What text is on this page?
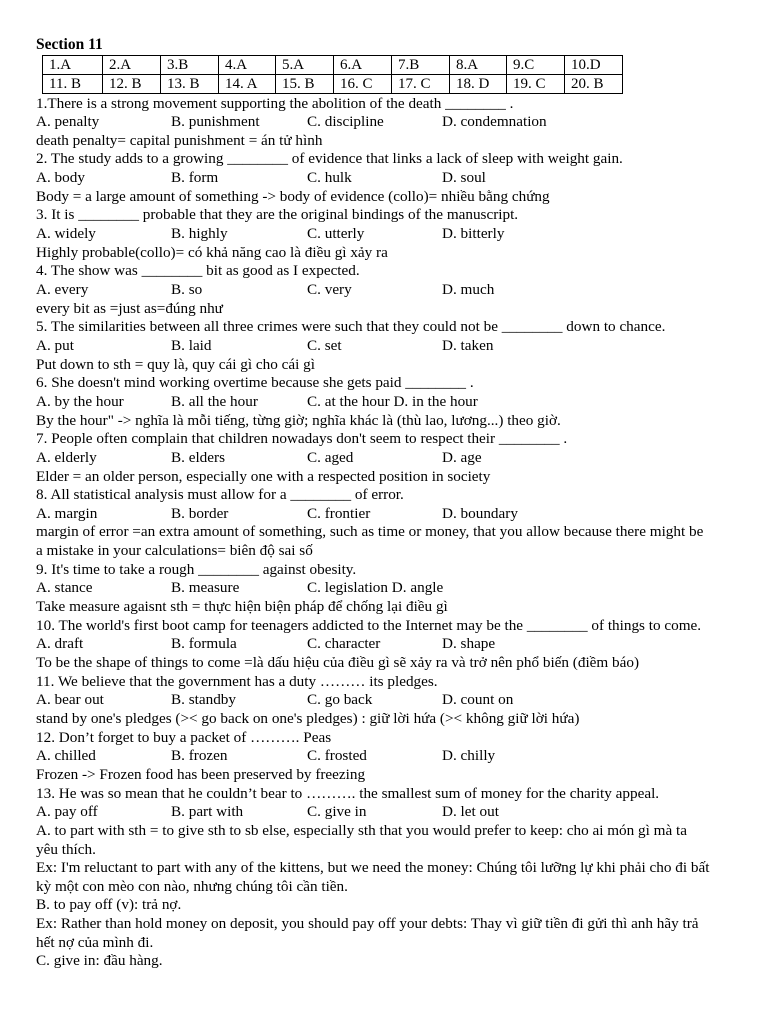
Section 11
1.A	2.A	3.B	4.A	5.A	6.A	7.B	8.A	9.C	10.D
11. B	12. B	13. B	14. A	15. B	16. C	17. C	18. D	19. C	20. B
1.There is a strong movement supporting the abolition of the death ________ .
A. penalty	B. punishment	C. discipline	D. condemnation
death penalty= capital punishment = án tử hình
2. The study adds to a growing ________ of evidence that links a lack of sleep with weight gain.
A. body	B. form	C. hulk	D. soul
Body = a large amount of something -> body of evidence (collo)= nhiều bằng chứng
3. It is ________ probable that they are the original bindings of the manuscript.
A. widely	B. highly	C. utterly	D. bitterly
Highly probable(collo)= có khả năng cao là điều gì xảy ra
4. The show was ________ bit as good as I expected.
A. every	B. so	C. very	D. much
every bit as =just as=đúng như
5. The similarities between all three crimes were such that they could not be ________ down to chance.
A. put	B. laid	C. set	D. taken
Put down to sth = quy là, quy cái gì cho cái gì
6. She doesn't mind working overtime because she gets paid ________ .
A. by the hour	B. all the hour	C. at the hour D. in the hour
By the hour" -> nghĩa là mỗi tiếng, từng giờ; nghĩa khác là (thù lao, lương...) theo giờ.
7. People often complain that children nowadays don't seem to respect their ________ .
A. elderly	B. elders	C. aged	D. age
Elder = an older person, especially one with a respected position in society
8. All statistical analysis must allow for a ________ of error.
A. margin	B. border	C. frontier	D. boundary
margin of error =an extra amount of something, such as time or money, that you allow because there might be
a mistake in your calculations= biên độ sai số
9. It's time to take a rough ________ against obesity.
A. stance	B. measure	C. legislation D. angle
Take measure agaisnt sth = thực hiện biện pháp để chống lại điều gì
10. The world's first boot camp for teenagers addicted to the Internet may be the ________ of things to come.
A. draft	B. formula	C. character	D. shape
To be the shape of things to come =là dấu hiệu của điều gì sẽ xảy ra và trở nên phổ biến (điềm báo)
11. We believe that the government has a duty ……… its pledges.
A. bear out	B. standby	C. go back	D. count on
stand by one's pledges (>< go back on one's pledges) : giữ lời hứa (>< không giữ lời hứa)
12. Don’t forget to buy a packet of ………. Peas
A. chilled	B. frozen	C. frosted	D. chilly
Frozen -> Frozen food has been preserved by freezing
13. He was so mean that he couldn’t bear to ………. the smallest sum of money for the charity appeal.
A. pay off	B. part with	C. give in	D. let out
A. to part with sth = to give sth to sb else, especially sth that you would prefer to keep: cho ai món gì mà ta
yêu thích.
Ex: I'm reluctant to part with any of the kittens, but we need the money: Chúng tôi lưỡng lự khi phải cho đi bất
kỳ một con mèo con nào, nhưng chúng tôi cần tiền.
B. to pay off (v): trả nợ.
Ex: Rather than hold money on deposit, you should pay off your debts: Thay vì giữ tiền đi gửi thì anh hãy trả
hết nợ của mình đi.
C. give in: đầu hàng.
